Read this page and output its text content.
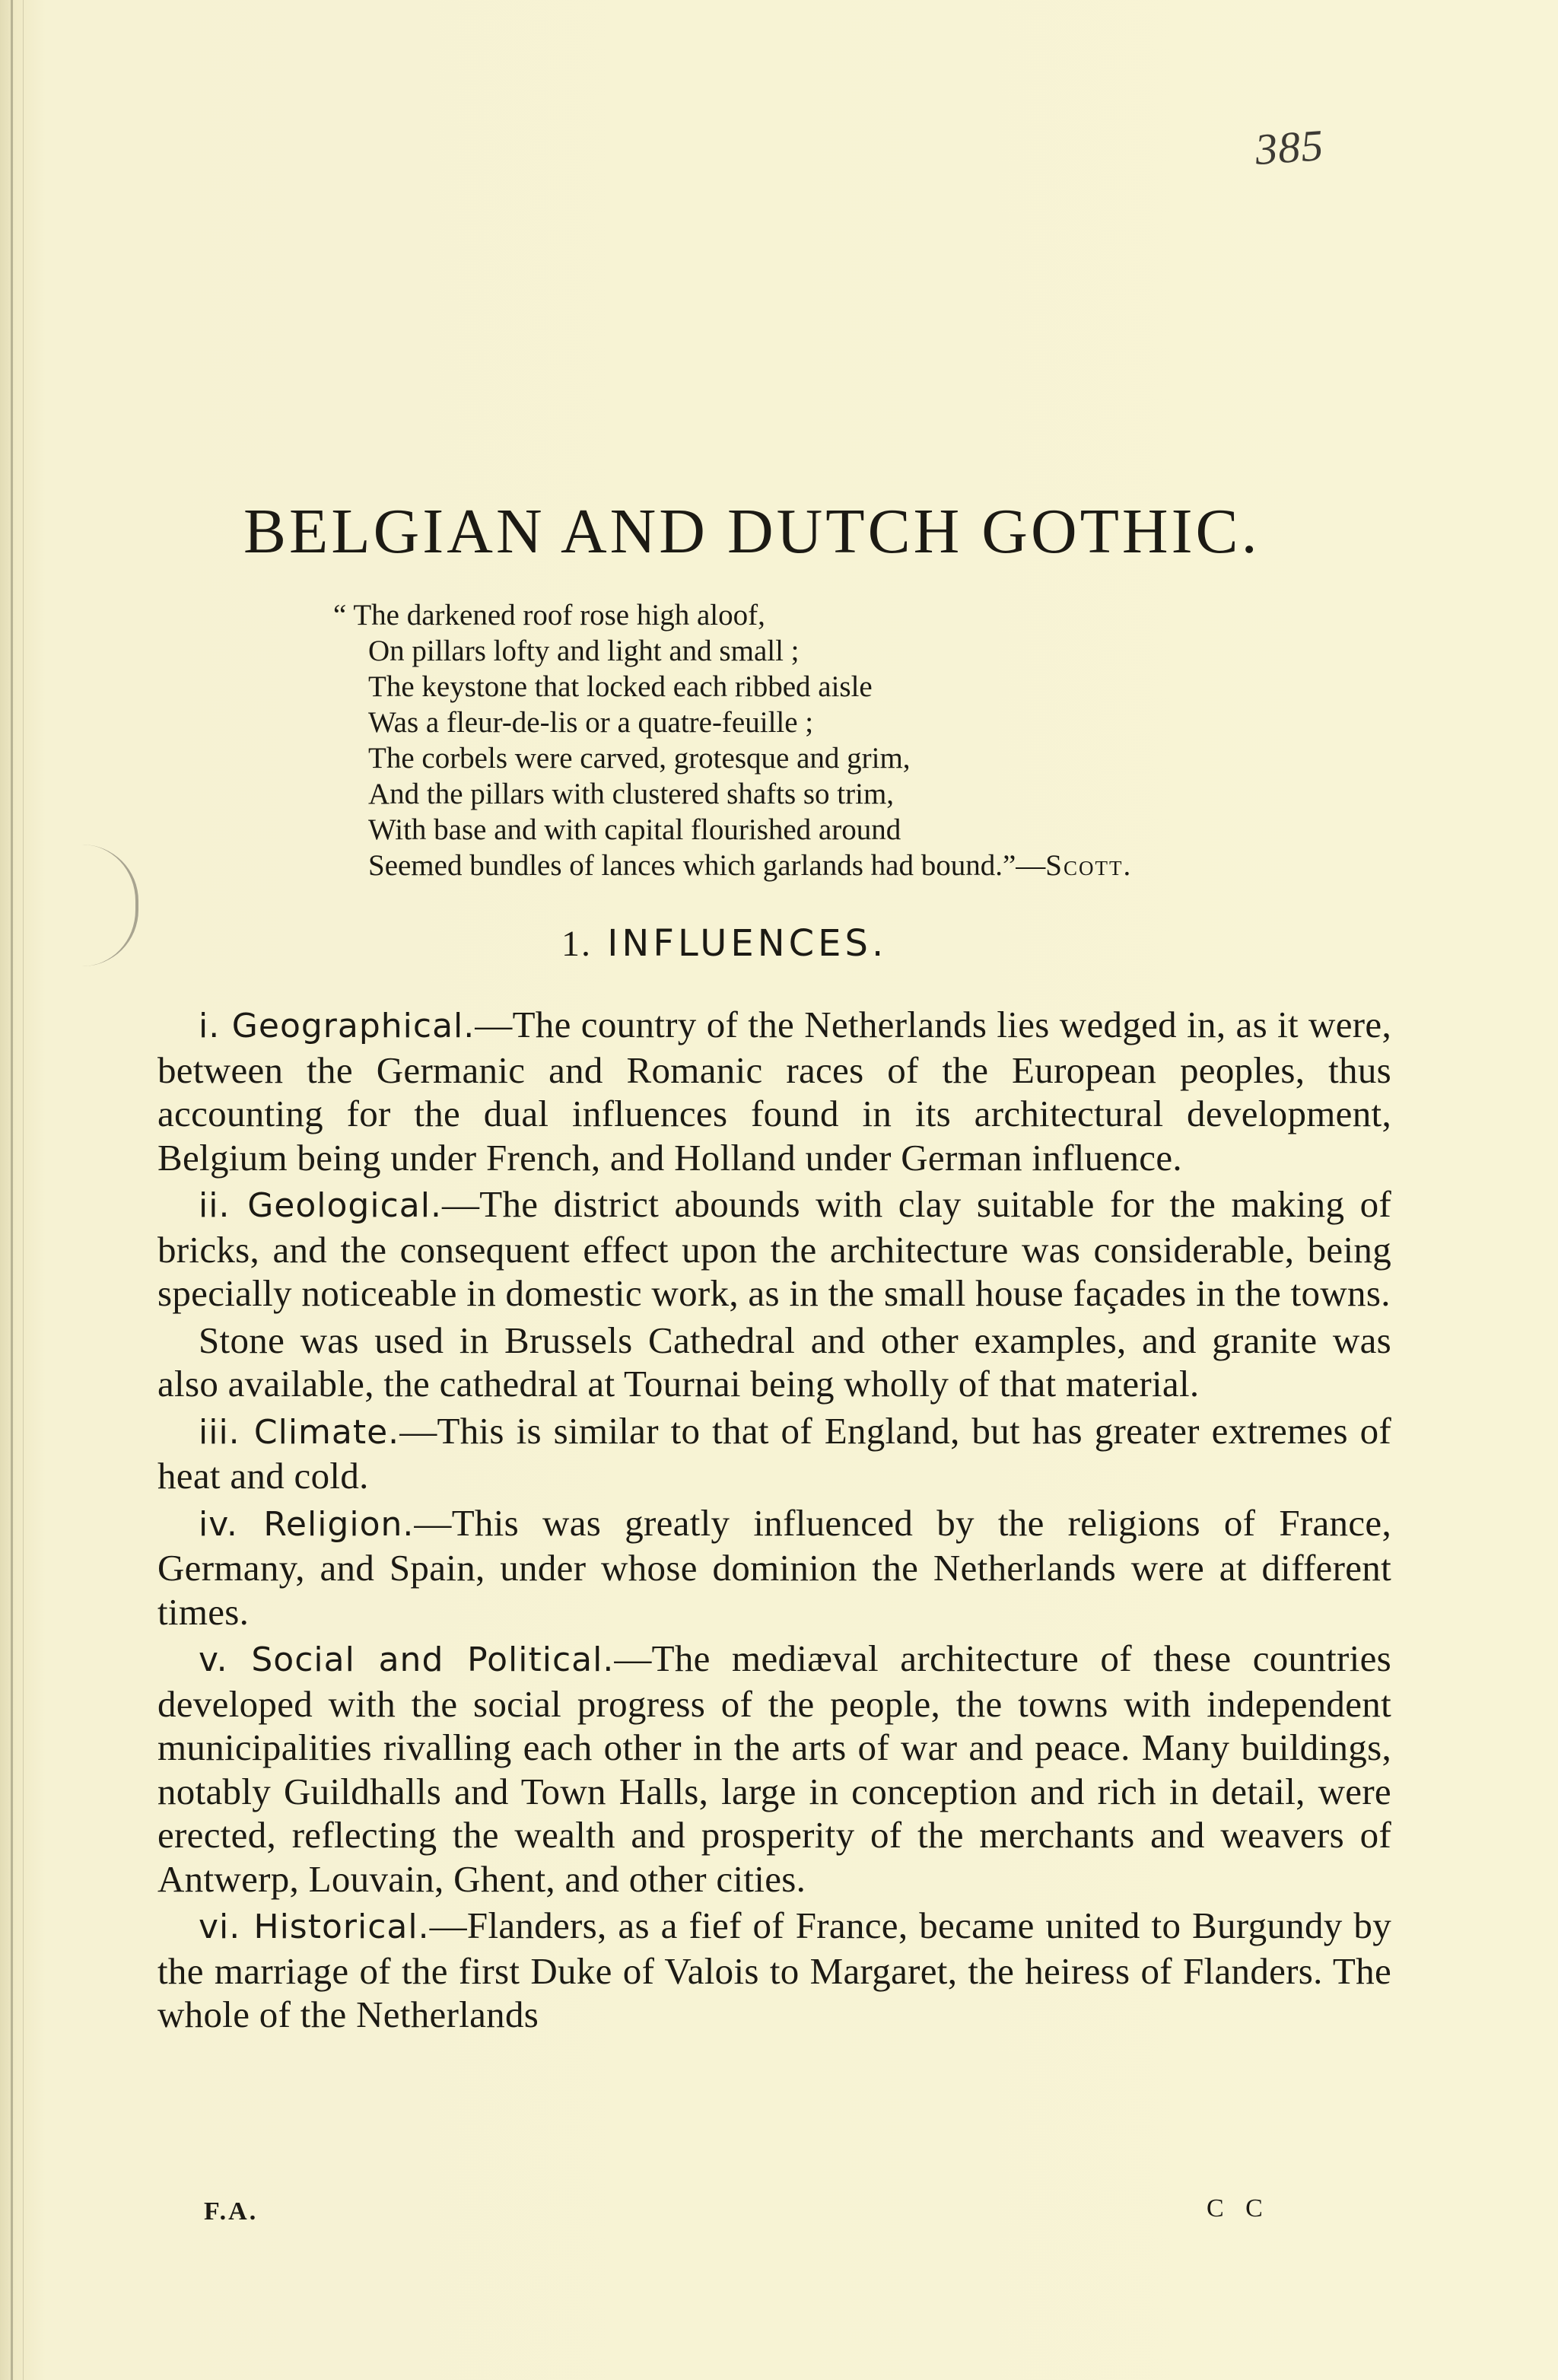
385
BELGIAN AND DUTCH GOTHIC.
“ The darkened roof rose high aloof,
On pillars lofty and light and small ;
The keystone that locked each ribbed aisle
Was a fleur-de-lis or a quatre-feuille ;
The corbels were carved, grotesque and grim,
And the pillars with clustered shafts so trim,
With base and with capital flourished around
Seemed bundles of lances which garlands had bound.”—Scott.
1. INFLUENCES.

i. Geographical.—The country of the Netherlands lies wedged in, as it were, between the Germanic and Romanic races of the European peoples, thus accounting for the dual influences found in its architectural development, Belgium being under French, and Holland under German influence.

ii. Geological.—The district abounds with clay suitable for the making of bricks, and the consequent effect upon the architecture was considerable, being specially noticeable in domestic work, as in the small house façades in the towns.

Stone was used in Brussels Cathedral and other examples, and granite was also available, the cathedral at Tournai being wholly of that material.

iii. Climate.—This is similar to that of England, but has greater extremes of heat and cold.

iv. Religion.—This was greatly influenced by the religions of France, Germany, and Spain, under whose dominion the Netherlands were at different times.

v. Social and Political.—The mediæval architecture of these countries developed with the social progress of the people, the towns with independent municipalities rivalling each other in the arts of war and peace. Many buildings, notably Guildhalls and Town Halls, large in conception and rich in detail, were erected, reflecting the wealth and prosperity of the merchants and weavers of Antwerp, Louvain, Ghent, and other cities.

vi. Historical.—Flanders, as a fief of France, became united to Burgundy by the marriage of the first Duke of Valois to Margaret, the heiress of Flanders. The whole of the Netherlands

F.A.	C C
